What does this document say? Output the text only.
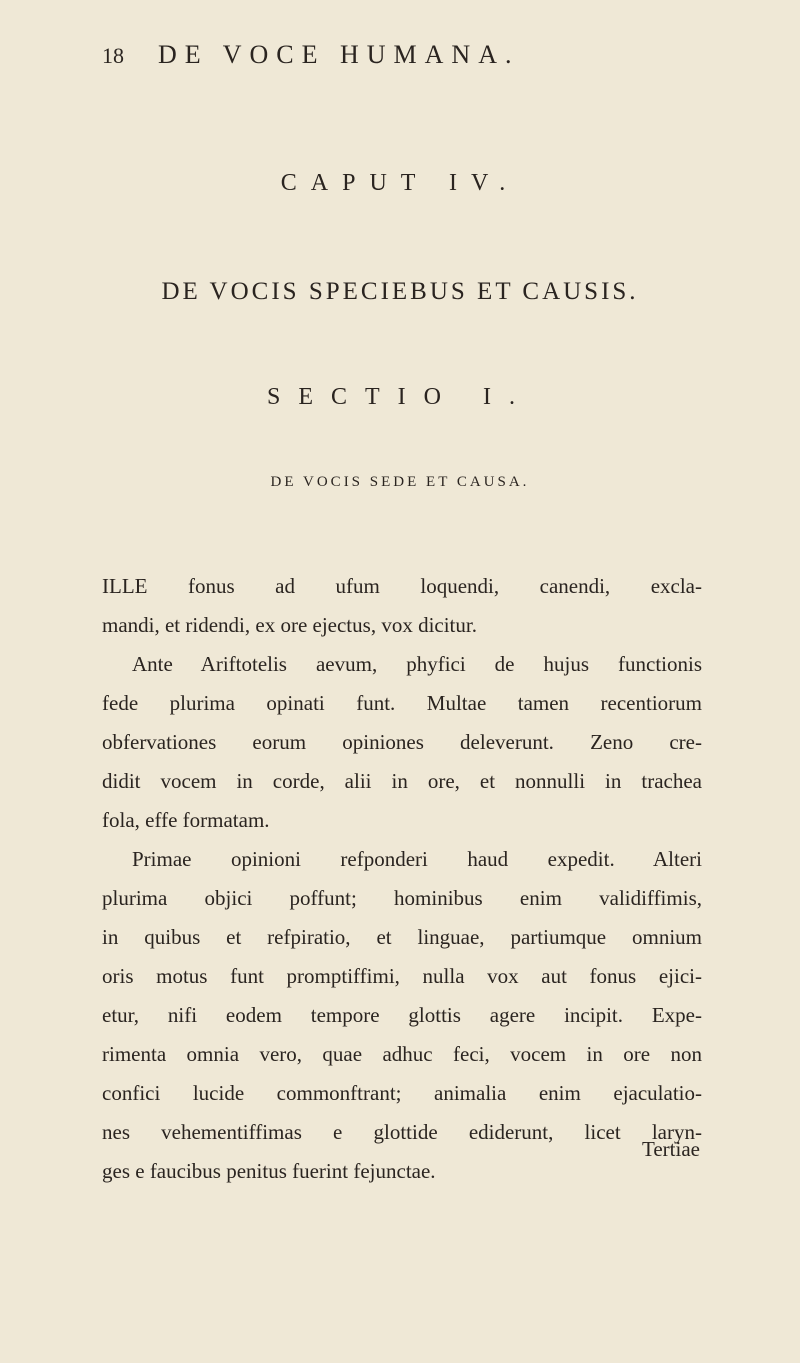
18 DE VOCE HUMANA.
CAPUT IV.
DE VOCIS SPECIEBUS ET CAUSIS.
SECTIO I.
DE VOCIS SEDE ET CAUSA.
ILLE fonus ad ufum loquendi, canendi, excla-
mandi, et ridendi, ex ore ejectus, vox dicitur.
Ante Ariftotelis aevum, phyfici de hujus functionis
fede plurima opinati funt. Multae tamen recentiorum
obfervationes eorum opiniones deleverunt. Zeno cre-
didit vocem in corde, alii in ore, et nonnulli in trachea
fola, effe formatam.
Primae opinioni refponderi haud expedit. Alteri
plurima objici poffunt; hominibus enim validiffimis,
in quibus et refpiratio, et linguae, partiumque omnium
oris motus funt promptiffimi, nulla vox aut fonus ejici-
etur, nifi eodem tempore glottis agere incipit. Expe-
rimenta omnia vero, quae adhuc feci, vocem in ore non
confici lucide commonftrant; animalia enim ejaculatio-
nes vehementiffimas e glottide ediderunt, licet laryn-
ges e faucibus penitus fuerint fejunctae.
Tertiae
